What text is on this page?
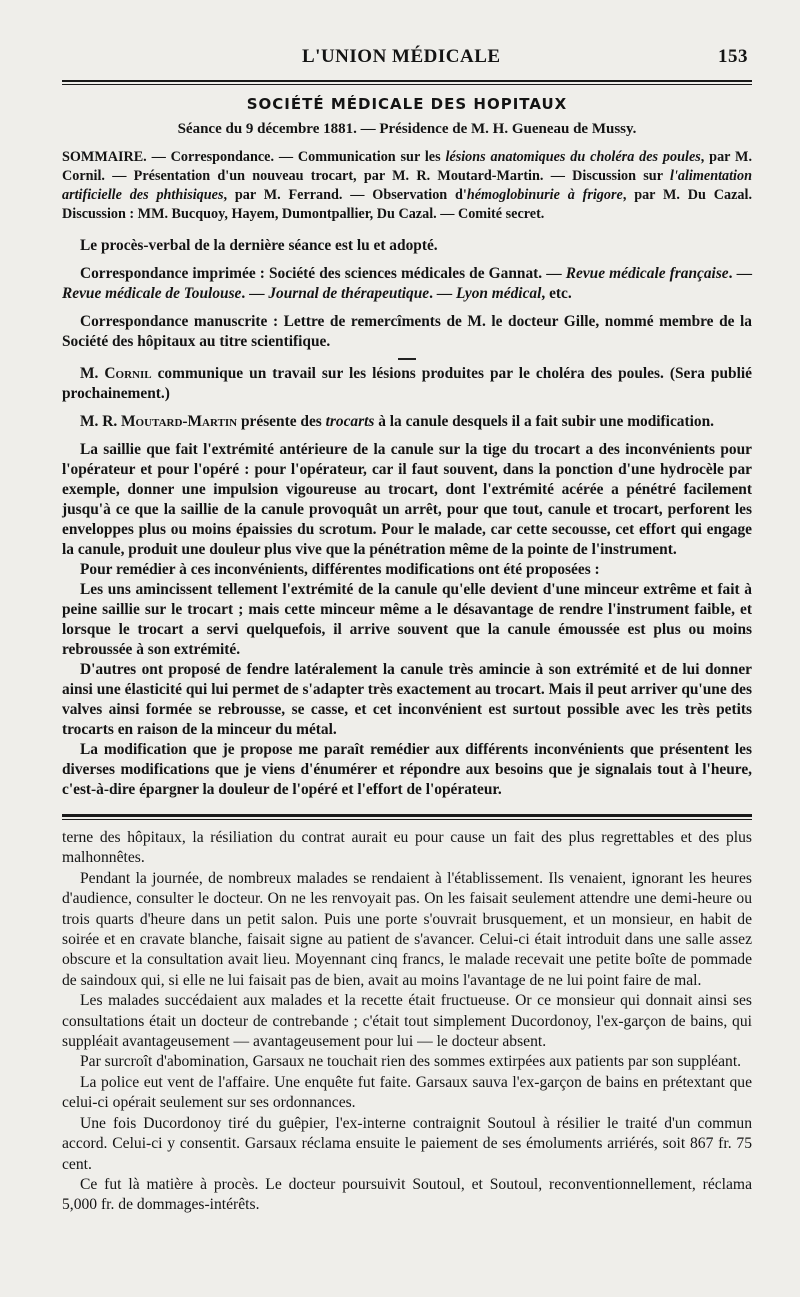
L'UNION MÉDICALE	153
SOCIÉTÉ MÉDICALE DES HOPITAUX
Séance du 9 décembre 1881. — Présidence de M. H. Gueneau de Mussy.
SOMMAIRE. — Correspondance. — Communication sur les lésions anatomiques du choléra des poules, par M. Cornil. — Présentation d'un nouveau trocart, par M. R. Moutard-Martin. — Discussion sur l'alimentation artificielle des phthisiques, par M. Ferrand. — Observation d'hémoglobinurie à frigore, par M. Du Cazal. Discussion : MM. Bucquoy, Hayem, Dumontpallier, Du Cazal. — Comité secret.

Le procès-verbal de la dernière séance est lu et adopté.

Correspondance imprimée : Société des sciences médicales de Gannat. — Revue médicale française. — Revue médicale de Toulouse. — Journal de thérapeutique. — Lyon médical, etc.

Correspondance manuscrite : Lettre de remercîments de M. le docteur Gille, nommé membre de la Société des hôpitaux au titre scientifique.

M. Cornil communique un travail sur les lésions produites par le choléra des poules. (Sera publié prochainement.)

M. R. Moutard-Martin présente des trocarts à la canule desquels il a fait subir une modification.

La saillie que fait l'extrémité antérieure de la canule sur la tige du trocart a des inconvénients pour l'opérateur et pour l'opéré : pour l'opérateur, car il faut souvent, dans la ponction d'une hydrocèle par exemple, donner une impulsion vigoureuse au trocart, dont l'extrémité acérée a pénétré facilement jusqu'à ce que la saillie de la canule provoquât un arrêt, pour que tout, canule et trocart, perforent les enveloppes plus ou moins épaissies du scrotum. Pour le malade, car cette secousse, cet effort qui engage la canule, produit une douleur plus vive que la pénétration même de la pointe de l'instrument.

Pour remédier à ces inconvénients, différentes modifications ont été proposées :

Les uns amincissent tellement l'extrémité de la canule qu'elle devient d'une minceur extrême et fait à peine saillie sur le trocart ; mais cette minceur même a le désavantage de rendre l'instrument faible, et lorsque le trocart a servi quelquefois, il arrive souvent que la canule émoussée est plus ou moins rebroussée à son extrémité.

D'autres ont proposé de fendre latéralement la canule très amincie à son extrémité et de lui donner ainsi une élasticité qui lui permet de s'adapter très exactement au trocart. Mais il peut arriver qu'une des valves ainsi formée se rebrousse, se casse, et cet inconvénient est surtout possible avec les très petits trocarts en raison de la minceur du métal.

La modification que je propose me paraît remédier aux différents inconvénients que présentent les diverses modifications que je viens d'énumérer et répondre aux besoins que je signalais tout à l'heure, c'est-à-dire épargner la douleur de l'opéré et l'effort de l'opérateur.

terne des hôpitaux, la résiliation du contrat aurait eu pour cause un fait des plus regrettables et des plus malhonnêtes.

Pendant la journée, de nombreux malades se rendaient à l'établissement. Ils venaient, ignorant les heures d'audience, consulter le docteur. On ne les renvoyait pas. On les faisait seulement attendre une demi-heure ou trois quarts d'heure dans un petit salon. Puis une porte s'ouvrait brusquement, et un monsieur, en habit de soirée et en cravate blanche, faisait signe au patient de s'avancer. Celui-ci était introduit dans une salle assez obscure et la consultation avait lieu. Moyennant cinq francs, le malade recevait une petite boîte de pommade de saindoux qui, si elle ne lui faisait pas de bien, avait au moins l'avantage de ne lui point faire de mal.

Les malades succédaient aux malades et la recette était fructueuse. Or ce monsieur qui donnait ainsi ses consultations était un docteur de contrebande ; c'était tout simplement Ducordonoy, l'ex-garçon de bains, qui suppléait avantageusement — avantageusement pour lui — le docteur absent.

Par surcroît d'abomination, Garsaux ne touchait rien des sommes extirpées aux patients par son suppléant.

La police eut vent de l'affaire. Une enquête fut faite. Garsaux sauva l'ex-garçon de bains en prétextant que celui-ci opérait seulement sur ses ordonnances.

Une fois Ducordonoy tiré du guêpier, l'ex-interne contraignit Soutoul à résilier le traité d'un commun accord. Celui-ci y consentit. Garsaux réclama ensuite le paiement de ses émoluments arriérés, soit 867 fr. 75 cent.

Ce fut là matière à procès. Le docteur poursuivit Soutoul, et Soutoul, reconventionnellement, réclama 5,000 fr. de dommages-intérêts.
